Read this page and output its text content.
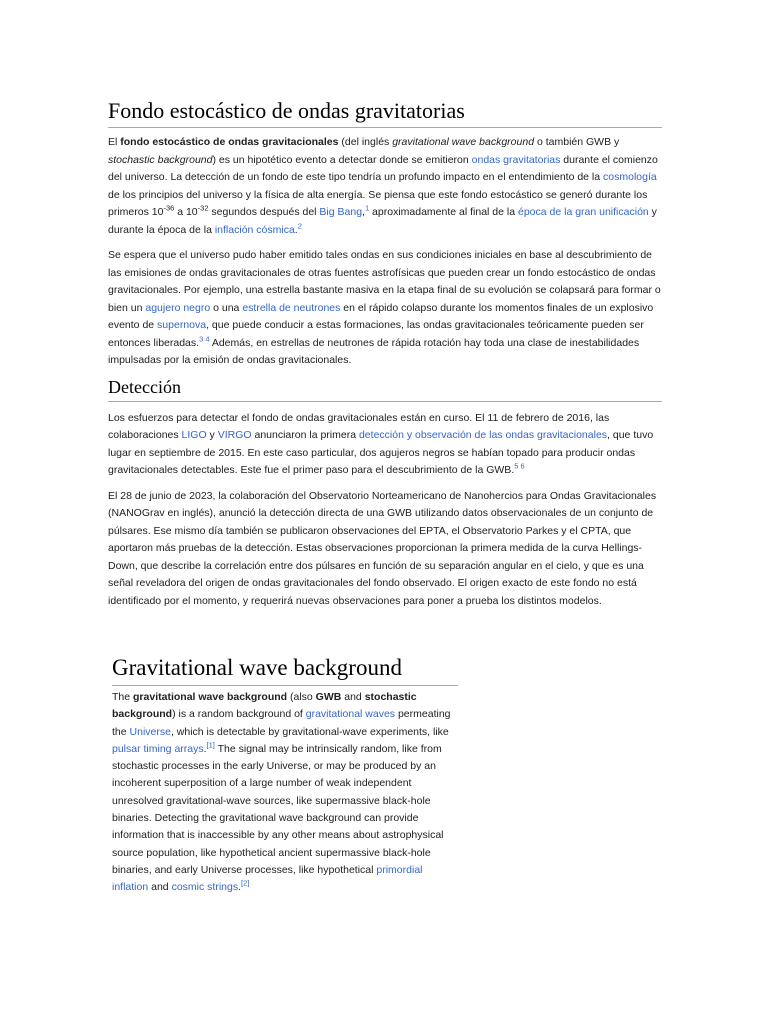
Fondo estocástico de ondas gravitatorias

El fondo estocástico de ondas gravitacionales (del inglés gravitational wave background o también GWB y stochastic background) es un hipotético evento a detectar donde se emitieron ondas gravitatorias durante el comienzo del universo. La detección de un fondo de este tipo tendría un profundo impacto en el entendimiento de la cosmología de los principios del universo y la física de alta energía. Se piensa que este fondo estocástico se generó durante los primeros $10^{-36}$ a $10^{-32}$ segundos después del Big Bang,$^1$ aproximadamente al final de la época de la gran unificación y durante la época de la inflación cósmica.$^2$

Se espera que el universo pudo haber emitido tales ondas en sus condiciones iniciales en base al descubrimiento de las emisiones de ondas gravitacionales de otras fuentes astrofísicas que pueden crear un fondo estocástico de ondas gravitacionales. Por ejemplo, una estrella bastante masiva en la etapa final de su evolución se colapsará para formar o bien un agujero negro o una estrella de neutrones en el rápido colapso durante los momentos finales de un explosivo evento de supernova, que puede conducir a estas formaciones, las ondas gravitacionales teóricamente pueden ser entonces liberadas.$^{3 4}$ Además, en estrellas de neutrones de rápida rotación hay toda una clase de inestabilidades impulsadas por la emisión de ondas gravitacionales.

Detección

Los esfuerzos para detectar el fondo de ondas gravitacionales están en curso. El 11 de febrero de 2016, las colaboraciones LIGO y VIRGO anunciaron la primera detección y observación de las ondas gravitacionales, que tuvo lugar en septiembre de 2015. En este caso particular, dos agujeros negros se habían topado para producir ondas gravitacionales detectables. Este fue el primer paso para el descubrimiento de la GWB.$^{5 6}$

El 28 de junio de 2023, la colaboración del Observatorio Norteamericano de Nanohercios para Ondas Gravitacionales (NANOGrav en inglés), anunció la detección directa de una GWB utilizando datos observacionales de un conjunto de púlsares. Ese mismo día también se publicaron observaciones del EPTA, el Observatorio Parkes y el CPTA, que aportaron más pruebas de la detección. Estas observaciones proporcionan la primera medida de la curva Hellings-Down, que describe la correlación entre dos púlsares en función de su separación angular en el cielo, y que es una señal reveladora del origen de ondas gravitacionales del fondo observado. El origen exacto de este fondo no está identificado por el momento, y requerirá nuevas observaciones para poner a prueba los distintos modelos.

Gravitational wave background

The gravitational wave background (also GWB and stochastic background) is a random background of gravitational waves permeating the Universe, which is detectable by gravitational-wave experiments, like pulsar timing arrays.[1] The signal may be intrinsically random, like from stochastic processes in the early Universe, or may be produced by an incoherent superposition of a large number of weak independent unresolved gravitational-wave sources, like supermassive black-hole binaries. Detecting the gravitational wave background can provide information that is inaccessible by any other means about astrophysical source population, like hypothetical ancient supermassive black-hole binaries, and early Universe processes, like hypothetical primordial inflation and cosmic strings.[2]
